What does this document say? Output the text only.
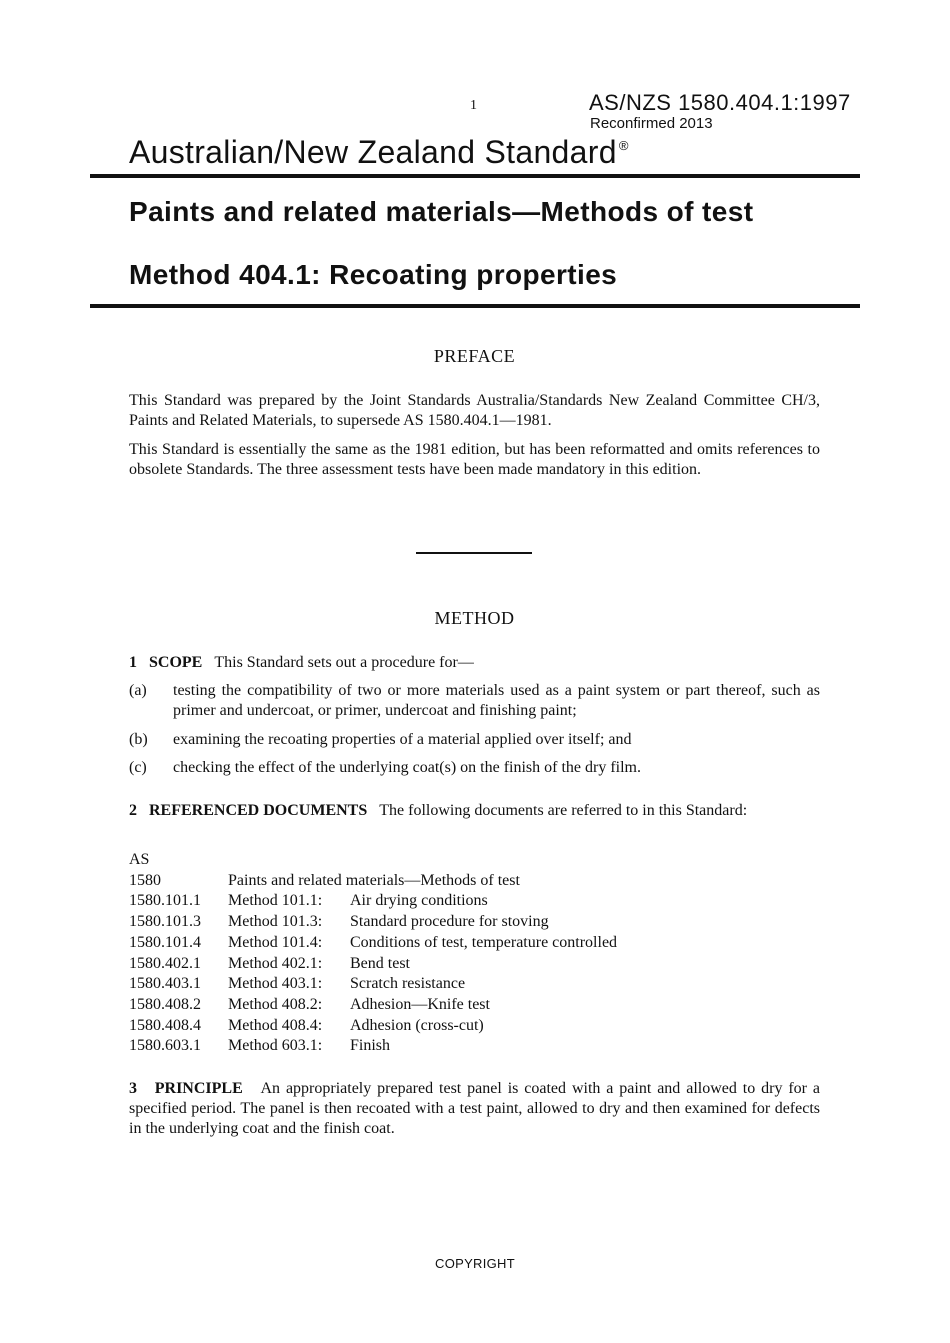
1	AS/NZS 1580.404.1:1997
Reconfirmed 2013
Australian/New Zealand Standard ®
Paints and related materials—Methods of test
Method 404.1: Recoating properties
PREFACE
This Standard was prepared by the Joint Standards Australia/Standards New Zealand Committee CH/3, Paints and Related Materials, to supersede AS 1580.404.1—1981.
This Standard is essentially the same as the 1981 edition, but has been reformatted and omits references to obsolete Standards. The three assessment tests have been made mandatory in this edition.
METHOD
1 SCOPE This Standard sets out a procedure for—
(a) testing the compatibility of two or more materials used as a paint system or part thereof, such as primer and undercoat, or primer, undercoat and finishing paint;
(b) examining the recoating properties of a material applied over itself; and
(c) checking the effect of the underlying coat(s) on the finish of the dry film.
2 REFERENCED DOCUMENTS The following documents are referred to in this Standard:
AS
1580	Paints and related materials—Methods of test
1580.101.1	Method 101.1:	Air drying conditions
1580.101.3	Method 101.3:	Standard procedure for stoving
1580.101.4	Method 101.4:	Conditions of test, temperature controlled
1580.402.1	Method 402.1:	Bend test
1580.403.1	Method 403.1:	Scratch resistance
1580.408.2	Method 408.2:	Adhesion—Knife test
1580.408.4	Method 408.4:	Adhesion (cross-cut)
1580.603.1	Method 603.1:	Finish
3 PRINCIPLE An appropriately prepared test panel is coated with a paint and allowed to dry for a specified period. The panel is then recoated with a test paint, allowed to dry and then examined for defects in the underlying coat and the finish coat.
COPYRIGHT
